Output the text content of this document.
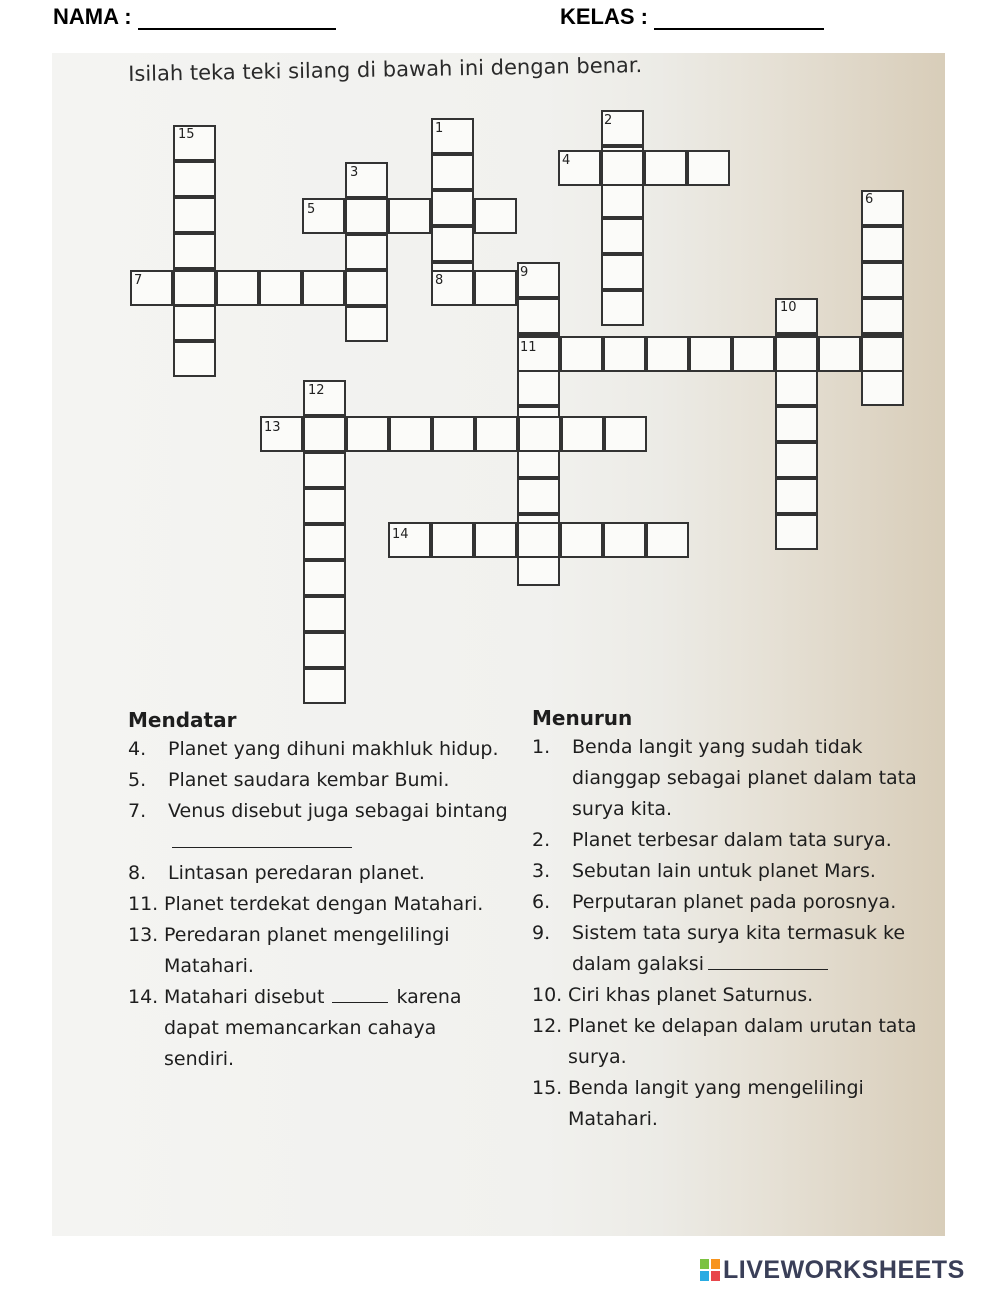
NAMA :	KELAS :
Isilah teka teki silang di bawah ini dengan benar.
15	1
2
3
4
5
6
7	8
9
10
11
12
13
14
Mendatar
4.	Planet yang dihuni makhluk hidup.
5.	Planet saudara kembar Bumi.
7.	Venus disebut juga sebagai bintang
8.	Lintasan peredaran planet.
11. Planet terdekat dengan Matahari.
13. Peredaran planet mengelilingi Matahari.
14. Matahari disebut	karena dapat memancarkan cahaya sendiri.
Menurun
1.	Benda langit yang sudah tidak dianggap sebagai planet dalam tata surya kita.
2.	Planet terbesar dalam tata surya.
3.	Sebutan lain untuk planet Mars.
6.	Perputaran planet pada porosnya.
9.	Sistem tata surya kita termasuk ke dalam galaksi
10. Ciri khas planet Saturnus.
12. Planet ke delapan dalam urutan tata surya.
15. Benda langit yang mengelilingi Matahari.
LIVEWORKSHEETS
